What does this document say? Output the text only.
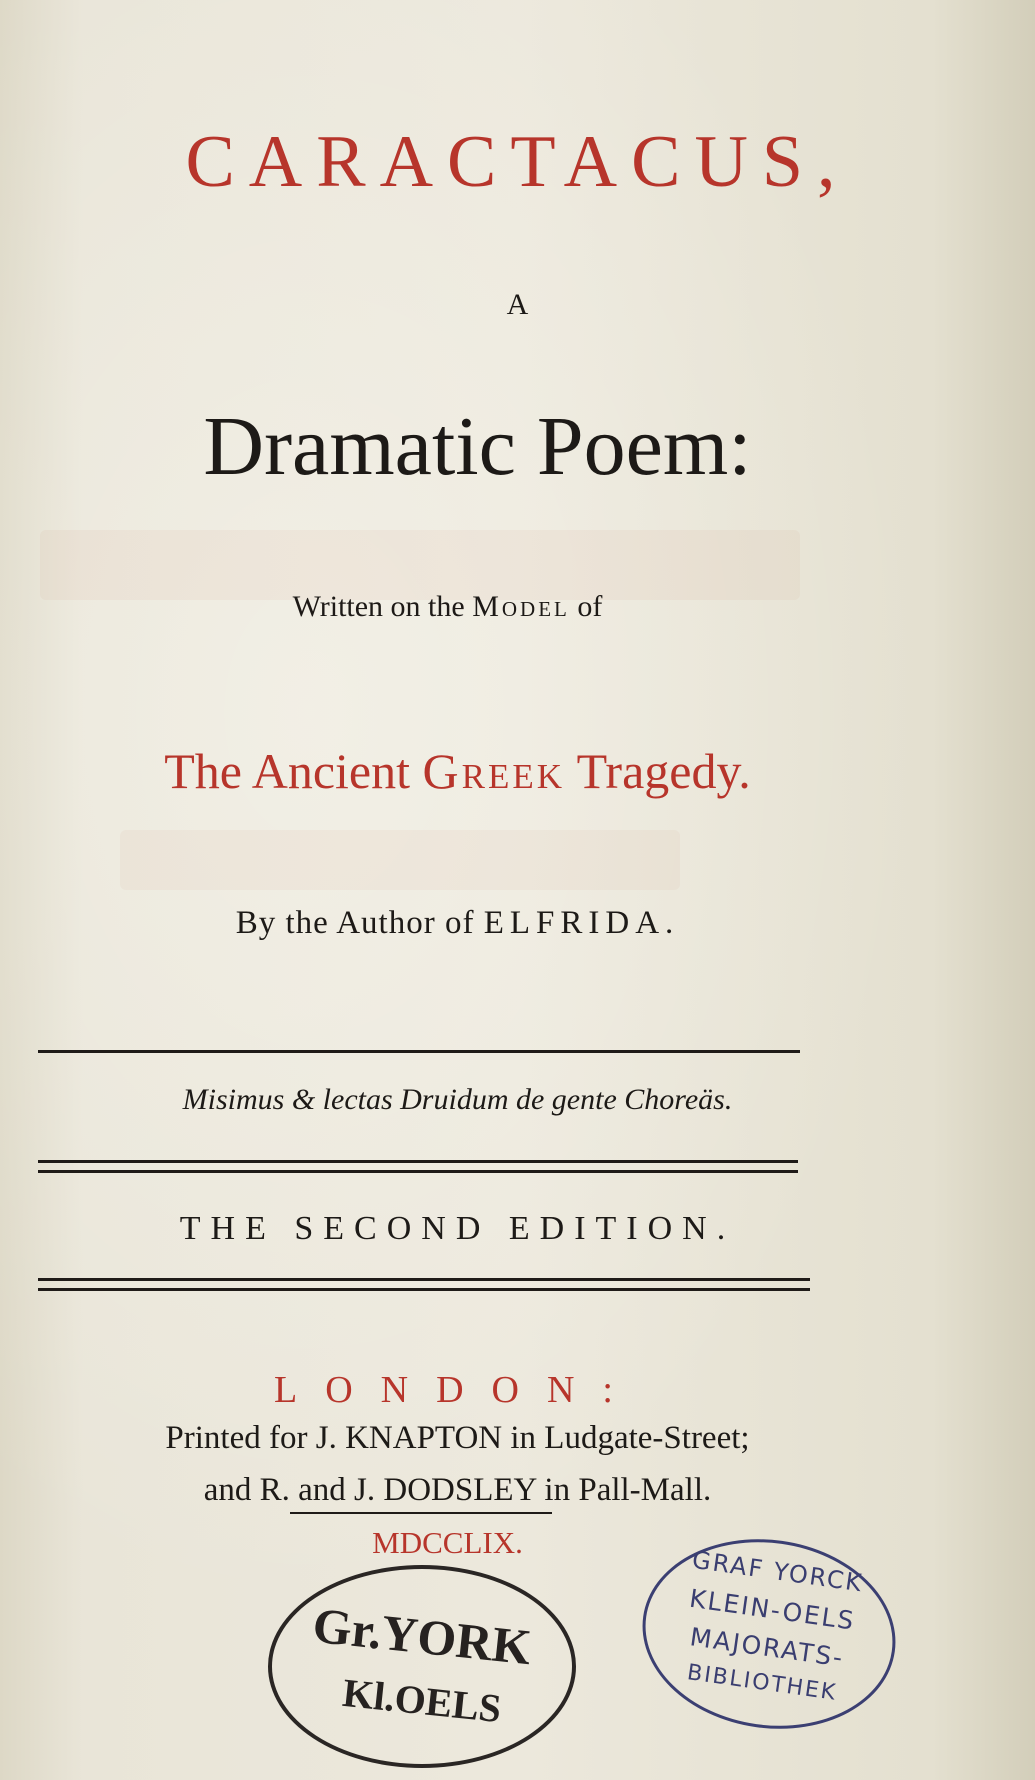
CARACTACUS,
A
Dramatic Poem:
Written on the Model of
The Ancient Greek Tragedy.
By the Author of ELFRIDA.
Misimus & lectas Druidum de gente Choreäs.
THE SECOND EDITION.
LONDON:
Printed for J. KNAPTON in Ludgate-Street;
and R. and J. DODSLEY in Pall-Mall.
MDCCLIX.
Gr.YORK
Kl.OELS
GRAF YORCK
KLEIN-OELS
MAJORATS-
BIBLIOTHEK
